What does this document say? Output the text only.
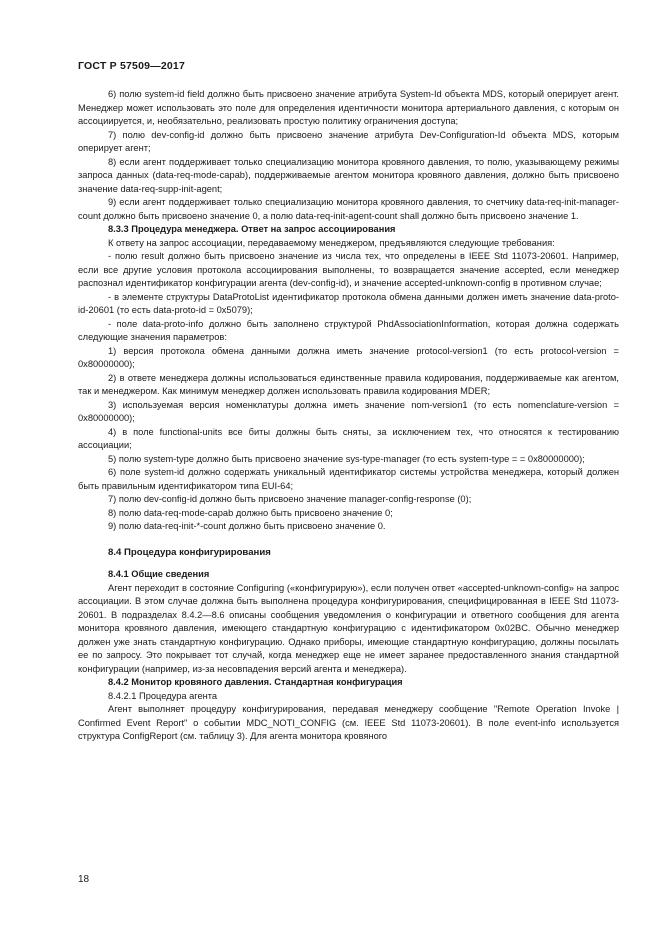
ГОСТ Р 57509—2017

6) полю system-id field должно быть присвоено значение атрибута System-Id объекта MDS, который оперирует агент. Менеджер может использовать это поле для определения идентичности монитора артериального давления, с которым он ассоциируется, и, необязательно, реализовать простую политику ограничения доступа;

7) полю dev-config-id должно быть присвоено значение атрибута Dev-Configuration-Id объекта MDS, которым оперирует агент;

8) если агент поддерживает только специализацию монитора кровяного давления, то полю, указывающему режимы запроса данных (data-req-mode-capab), поддерживаемые агентом монитора кровяного давления, должно быть присвоено значение data-req-supp-init-agent;

9) если агент поддерживает только специализацию монитора кровяного давления, то счетчику data-req-init-manager-count должно быть присвоено значение 0, а полю data-req-init-agent-count shall должно быть присвоено значение 1.

8.3.3 Процедура менеджера. Ответ на запрос ассоциирования

К ответу на запрос ассоциации, передаваемому менеджером, предъявляются следующие требования:

- полю result должно быть присвоено значение из числа тех, что определены в IEEE Std 11073-20601. Например, если все другие условия протокола ассоциирования выполнены, то возвращается значение accepted, если менеджер распознал идентификатор конфигурации агента (dev-config-id), и значение accepted-unknown-config в противном случае;

- в элементе структуры DataProtoList идентификатор протокола обмена данными должен иметь значение data-proto-id-20601 (то есть data-proto-id = 0x5079);

- поле data-proto-info должно быть заполнено структурой PhdAssociationInformation, которая должна содержать следующие значения параметров:

1) версия протокола обмена данными должна иметь значение protocol-version1 (то есть protocol-version = 0x80000000);

2) в ответе менеджера должны использоваться единственные правила кодирования, поддерживаемые как агентом, так и менеджером. Как минимум менеджер должен использовать правила кодирования MDER;

3) используемая версия номенклатуры должна иметь значение nom-version1 (то есть nomenclature-version = 0x80000000);

4) в поле functional-units все биты должны быть сняты, за исключением тех, что относятся к тестированию ассоциации;

5) полю system-type должно быть присвоено значение sys-type-manager (то есть system-type = = 0x80000000);

6) поле system-id должно содержать уникальный идентификатор системы устройства менеджера, который должен быть правильным идентификатором типа EUI-64;

7) полю dev-config-id должно быть присвоено значение manager-config-response (0);

8) полю data-req-mode-capab должно быть присвоено значение 0;

9) полю data-req-init-*-count должно быть присвоено значение 0.

8.4 Процедура конфигурирования

8.4.1 Общие сведения

Агент переходит в состояние Configuring («конфигурирую»), если получен ответ «accepted-unknown-config» на запрос ассоциации. В этом случае должна быть выполнена процедура конфигурирования, специфицированная в IEEE Std 11073-20601. В подразделах 8.4.2—8.6 описаны сообщения уведомления о конфигурации и ответного сообщения для агента монитора кровяного давления, имеющего стандартную конфигурацию с идентификатором 0x02BC. Обычно менеджер должен уже знать стандартную конфигурацию. Однако приборы, имеющие стандартную конфигурацию, должны посылать ее по запросу. Это покрывает тот случай, когда менеджер еще не имеет заранее предоставленного знания стандартной конфигурации (например, из-за несовпадения версий агента и менеджера).

8.4.2 Монитор кровяного давления. Стандартная конфигурация

8.4.2.1 Процедура агента

Агент выполняет процедуру конфигурирования, передавая менеджеру сообщение "Remote Operation Invoke | Confirmed Event Report" о событии MDC_NOTI_CONFIG (см. IEEE Std 11073-20601). В поле event-info используется структура ConfigReport (см. таблицу 3). Для агента монитора кровяного

18
